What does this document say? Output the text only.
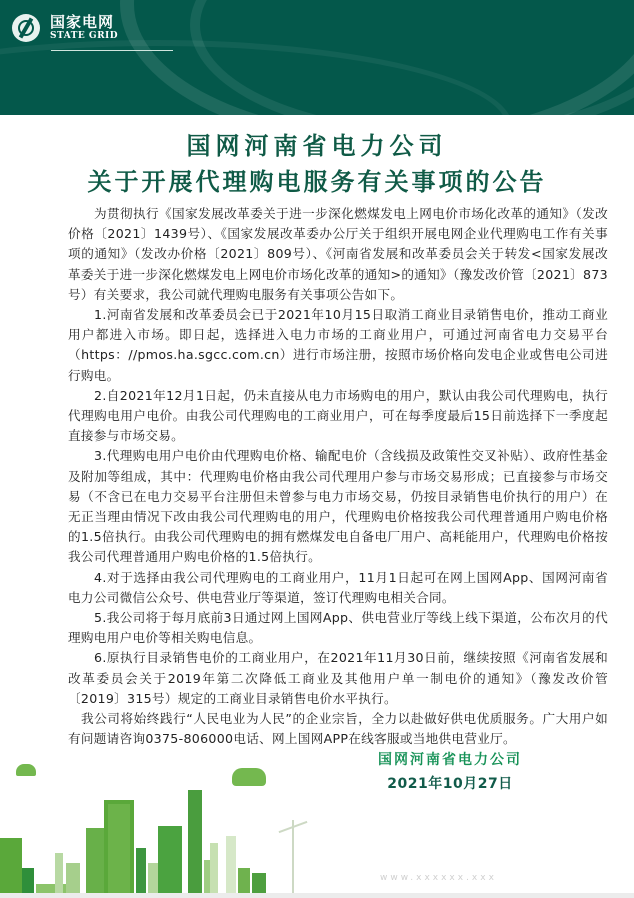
国家电网
STATE GRID
国网河南省电力公司
关于开展代理购电服务有关事项的公告

为贯彻执行《国家发展改革委关于进一步深化燃煤发电上网电价市场化改革的通知》（发改价格〔2021〕1439号）、《国家发展改革委办公厅关于组织开展电网企业代理购电工作有关事项的通知》（发改办价格〔2021〕809号）、《河南省发展和改革委员会关于转发<国家发展改革委关于进一步深化燃煤发电上网电价市场化改革的通知>的通知》（豫发改价管〔2021〕873号）有关要求，我公司就代理购电服务有关事项公告如下。

1.河南省发展和改革委员会已于2021年10月15日取消工商业目录销售电价，推动工商业用户都进入市场。即日起，选择进入电力市场的工商业用户，可通过河南省电力交易平台（https：//pmos.ha.sgcc.com.cn）进行市场注册，按照市场价格向发电企业或售电公司进行购电。

2.自2021年12月1日起，仍未直接从电力市场购电的用户，默认由我公司代理购电，执行代理购电用户电价。由我公司代理购电的工商业用户，可在每季度最后15日前选择下一季度起直接参与市场交易。

3.代理购电用户电价由代理购电价格、输配电价（含线损及政策性交叉补贴）、政府性基金及附加等组成，其中：代理购电价格由我公司代理用户参与市场交易形成；已直接参与市场交易（不含已在电力交易平台注册但未曾参与电力市场交易，仍按目录销售电价执行的用户）在无正当理由情况下改由我公司代理购电的用户，代理购电价格按我公司代理普通用户购电价格的1.5倍执行。由我公司代理购电的拥有燃煤发电自备电厂用户、高耗能用户，代理购电价格按我公司代理普通用户购电价格的1.5倍执行。

4.对于选择由我公司代理购电的工商业用户，11月1日起可在网上国网App、国网河南省电力公司微信公众号、供电营业厅等渠道，签订代理购电相关合同。

5.我公司将于每月底前3日通过网上国网App、供电营业厅等线上线下渠道，公布次月的代理购电用户电价等相关购电信息。

6.原执行目录销售电价的工商业用户，在2021年11月30日前，继续按照《河南省发展和改革委员会关于2019年第二次降低工商业及其他用户单一制电价的通知》（豫发改价管〔2019〕315号）规定的工商业目录销售电价水平执行。

我公司将始终践行“人民电业为人民”的企业宗旨，全力以赴做好供电优质服务。广大用户如有问题请咨询0375-806000电话、网上国网APP在线客服或当地供电营业厅。

国网河南省电力公司
2021年10月27日
www.xxxxxx.xxx
